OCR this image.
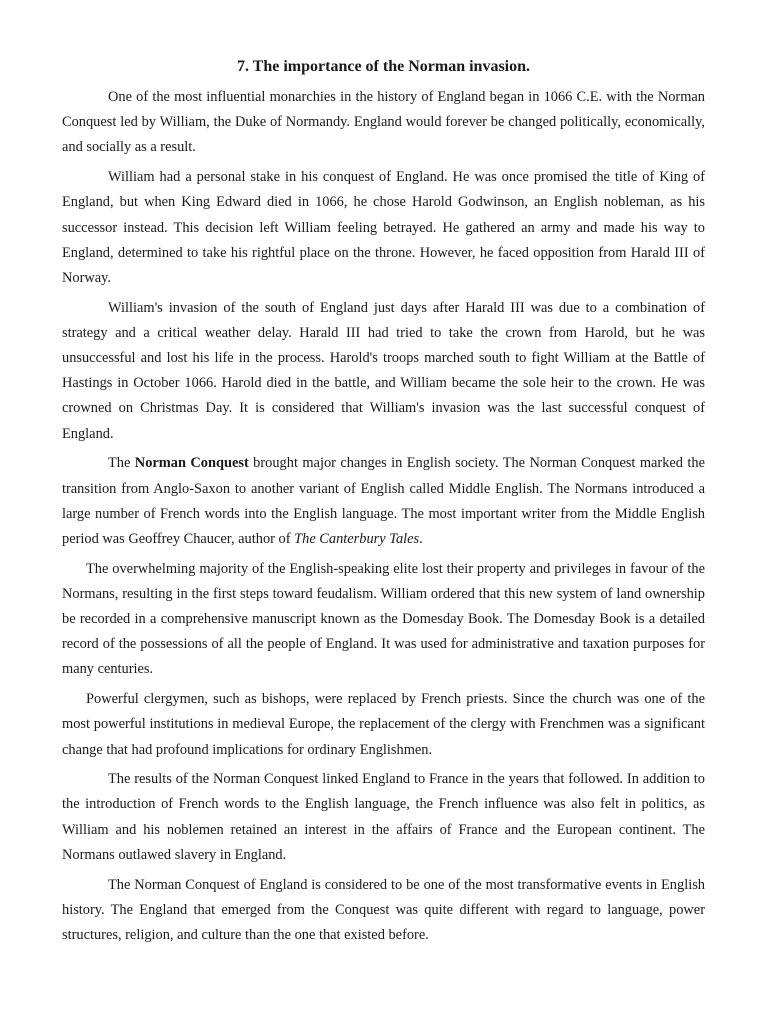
7. The importance of the Norman invasion.

One of the most influential monarchies in the history of England began in 1066 C.E. with the Norman Conquest led by William, the Duke of Normandy. England would forever be changed politically, economically, and socially as a result.

William had a personal stake in his conquest of England. He was once promised the title of King of England, but when King Edward died in 1066, he chose Harold Godwinson, an English nobleman, as his successor instead. This decision left William feeling betrayed. He gathered an army and made his way to England, determined to take his rightful place on the throne. However, he faced opposition from Harald III of Norway.

William's invasion of the south of England just days after Harald III was due to a combination of strategy and a critical weather delay. Harald III had tried to take the crown from Harold, but he was unsuccessful and lost his life in the process. Harold's troops marched south to fight William at the Battle of Hastings in October 1066. Harold died in the battle, and William became the sole heir to the crown. He was crowned on Christmas Day. It is considered that William's invasion was the last successful conquest of England.

The Norman Conquest brought major changes in English society. The Norman Conquest marked the transition from Anglo-Saxon to another variant of English called Middle English. The Normans introduced a large number of French words into the English language. The most important writer from the Middle English period was Geoffrey Chaucer, author of The Canterbury Tales.

The overwhelming majority of the English-speaking elite lost their property and privileges in favour of the Normans, resulting in the first steps toward feudalism. William ordered that this new system of land ownership be recorded in a comprehensive manuscript known as the Domesday Book. The Domesday Book is a detailed record of the possessions of all the people of England. It was used for administrative and taxation purposes for many centuries.

Powerful clergymen, such as bishops, were replaced by French priests. Since the church was one of the most powerful institutions in medieval Europe, the replacement of the clergy with Frenchmen was a significant change that had profound implications for ordinary Englishmen.

The results of the Norman Conquest linked England to France in the years that followed. In addition to the introduction of French words to the English language, the French influence was also felt in politics, as William and his noblemen retained an interest in the affairs of France and the European continent. The Normans outlawed slavery in England.

The Norman Conquest of England is considered to be one of the most transformative events in English history. The England that emerged from the Conquest was quite different with regard to language, power structures, religion, and culture than the one that existed before.
